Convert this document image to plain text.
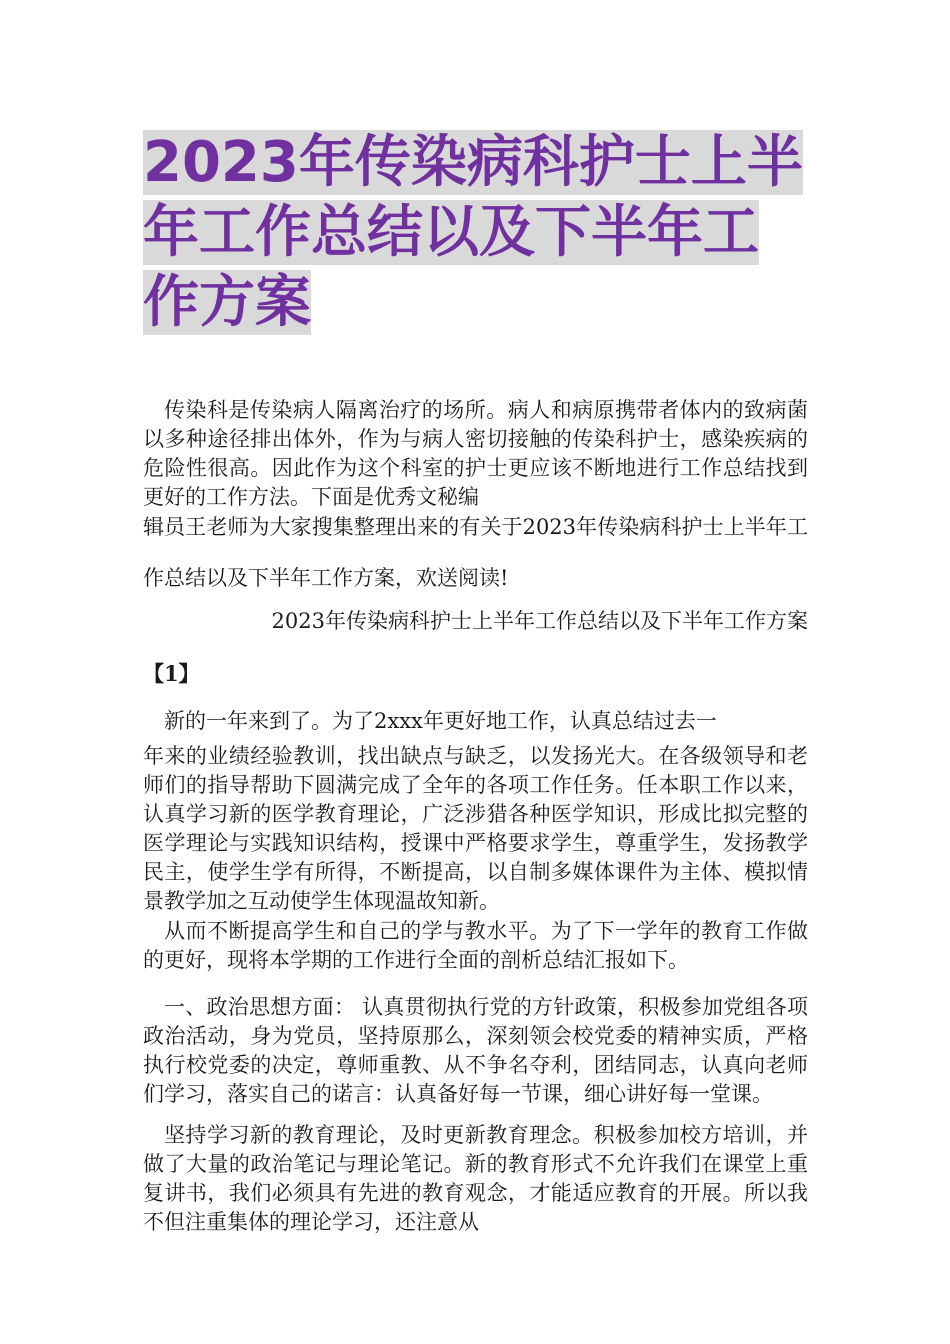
2023年传染病科护士上半年工作总结以及下半年工作方案

传染科是传染病人隔离治疗的场所。病人和病原携带者体内的致病菌以多种途径排出体外，作为与病人密切接触的传染科护士，感染疾病的危险性很高。因此作为这个科室的护士更应该不断地进行工作总结找到更好的工作方法。下面是优秀文秘编

辑员王老师为大家搜集整理出来的有关于2023年传染病科护士上半年工作总结以及下半年工作方案，欢送阅读!

2023年传染病科护士上半年工作总结以及下半年工作方案

【1】

新的一年来到了。为了2xxx年更好地工作，认真总结过去一

年来的业绩经验教训，找出缺点与缺乏，以发扬光大。在各级领导和老师们的指导帮助下圆满完成了全年的各项工作任务。任本职工作以来，认真学习新的医学教育理论，广泛涉猎各种医学知识，形成比拟完整的医学理论与实践知识结构，授课中严格要求学生，尊重学生，发扬教学民主，使学生学有所得，不断提高，以自制多媒体课件为主体、模拟情景教学加之互动使学生体现温故知新。

从而不断提高学生和自己的学与教水平。为了下一学年的教育工作做的更好，现将本学期的工作进行全面的剖析总结汇报如下。

一、政治思想方面： 认真贯彻执行党的方针政策，积极参加党组各项政治活动，身为党员，坚持原那么，深刻领会校党委的精神实质，严格执行校党委的决定，尊师重教、从不争名夺利，团结同志，认真向老师们学习，落实自己的诺言：认真备好每一节课，细心讲好每一堂课。

坚持学习新的教育理论，及时更新教育理念。积极参加校方培训，并做了大量的政治笔记与理论笔记。新的教育形式不允许我们在课堂上重复讲书，我们必须具有先进的教育观念，才能适应教育的开展。所以我不但注重集体的理论学习，还注意从
